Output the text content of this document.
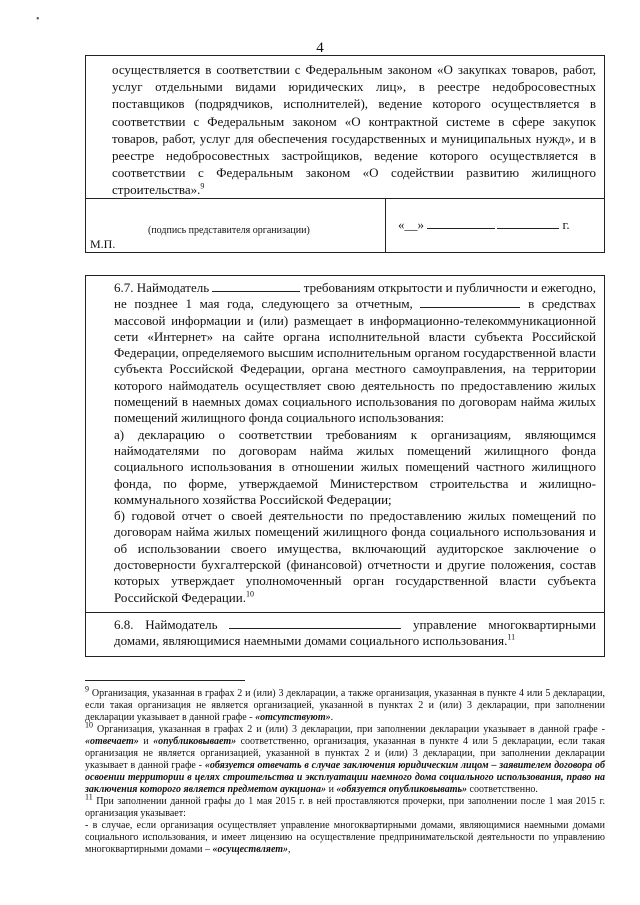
•
4
осуществляется в соответствии с Федеральным законом «О закупках товаров, работ, услуг отдельными видами юридических лиц», в реестре недобросовестных поставщиков (подрядчиков, исполнителей), ведение которого осуществляется в соответствии с Федеральным законом «О контрактной системе в сфере закупок товаров, работ, услуг для обеспечения государственных и муниципальных нужд», и в реестре недобросовестных застройщиков, ведение которого осуществляется в соответствии с Федеральным законом «О содействии развитию жилищного строительства».$^9$
(подпись представителя организации)
М.П.
«__»	г.

6.7. Наймодатель	требованиям открытости и публичности и ежегодно, не позднее 1 мая года, следующего за отчетным,	в средствах массовой информации и (или) размещает в информационно-телекоммуникационной сети «Интернет» на сайте органа исполнительной власти субъекта Российской Федерации, определяемого высшим исполнительным органом государственной власти субъекта Российской Федерации, органа местного самоуправления, на территории которого наймодатель осуществляет свою деятельность по предоставлению жилых помещений в наемных домах социального использования по договорам найма жилых помещений жилищного фонда социального использования:

а) декларацию о соответствии требованиям к организациям, являющимся наймодателями по договорам найма жилых помещений жилищного фонда социального использования в отношении жилых помещений частного жилищного фонда, по форме, утверждаемой Министерством строительства и жилищно-коммунального хозяйства Российской Федерации;

б) годовой отчет о своей деятельности по предоставлению жилых помещений по договорам найма жилых помещений жилищного фонда социального использования и об использовании своего имущества, включающий аудиторское заключение о достоверности бухгалтерской (финансовой) отчетности и другие положения, состав которых утверждает уполномоченный орган государственной власти субъекта Российской Федерации.$^{10}$

6.8. Наймодатель	управление многоквартирными домами, являющимися наемными домами социального использования.$^{11}$

$^9$ Организация, указанная в графах 2 и (или) 3 декларации, а также организация, указанная в пункте 4 или 5 декларации, если такая организация не является организацией, указанной в пунктах 2 и (или) 3 декларации, при заполнении декларации указывает в данной графе - «отсутствуют».

$^{10}$ Организация, указанная в графах 2 и (или) 3 декларации, при заполнении декларации указывает в данной графе - «отвечает» и «опубликовывает» соответственно, организация, указанная в пункте 4 или 5 декларации, если такая организация не является организацией, указанной в пунктах 2 и (или) 3 декларации, при заполнении декларации указывает в данной графе - «обязуется отвечать в случае заключения юридическим лицом – заявителем договора об освоении территории в целях строительства и эксплуатации наемного дома социального использования, право на заключения которого является предметом аукциона» и «обязуется опубликовывать» соответственно.

$^{11}$ При заполнении данной графы до 1 мая 2015 г. в ней проставляются прочерки, при заполнении после 1 мая 2015 г. организация указывает:

- в случае, если организация осуществляет управление многоквартирными домами, являющимися наемными домами социального использования, и имеет лицензию на осуществление предпринимательской деятельности по управлению многоквартирными домами – «осуществляет»,
